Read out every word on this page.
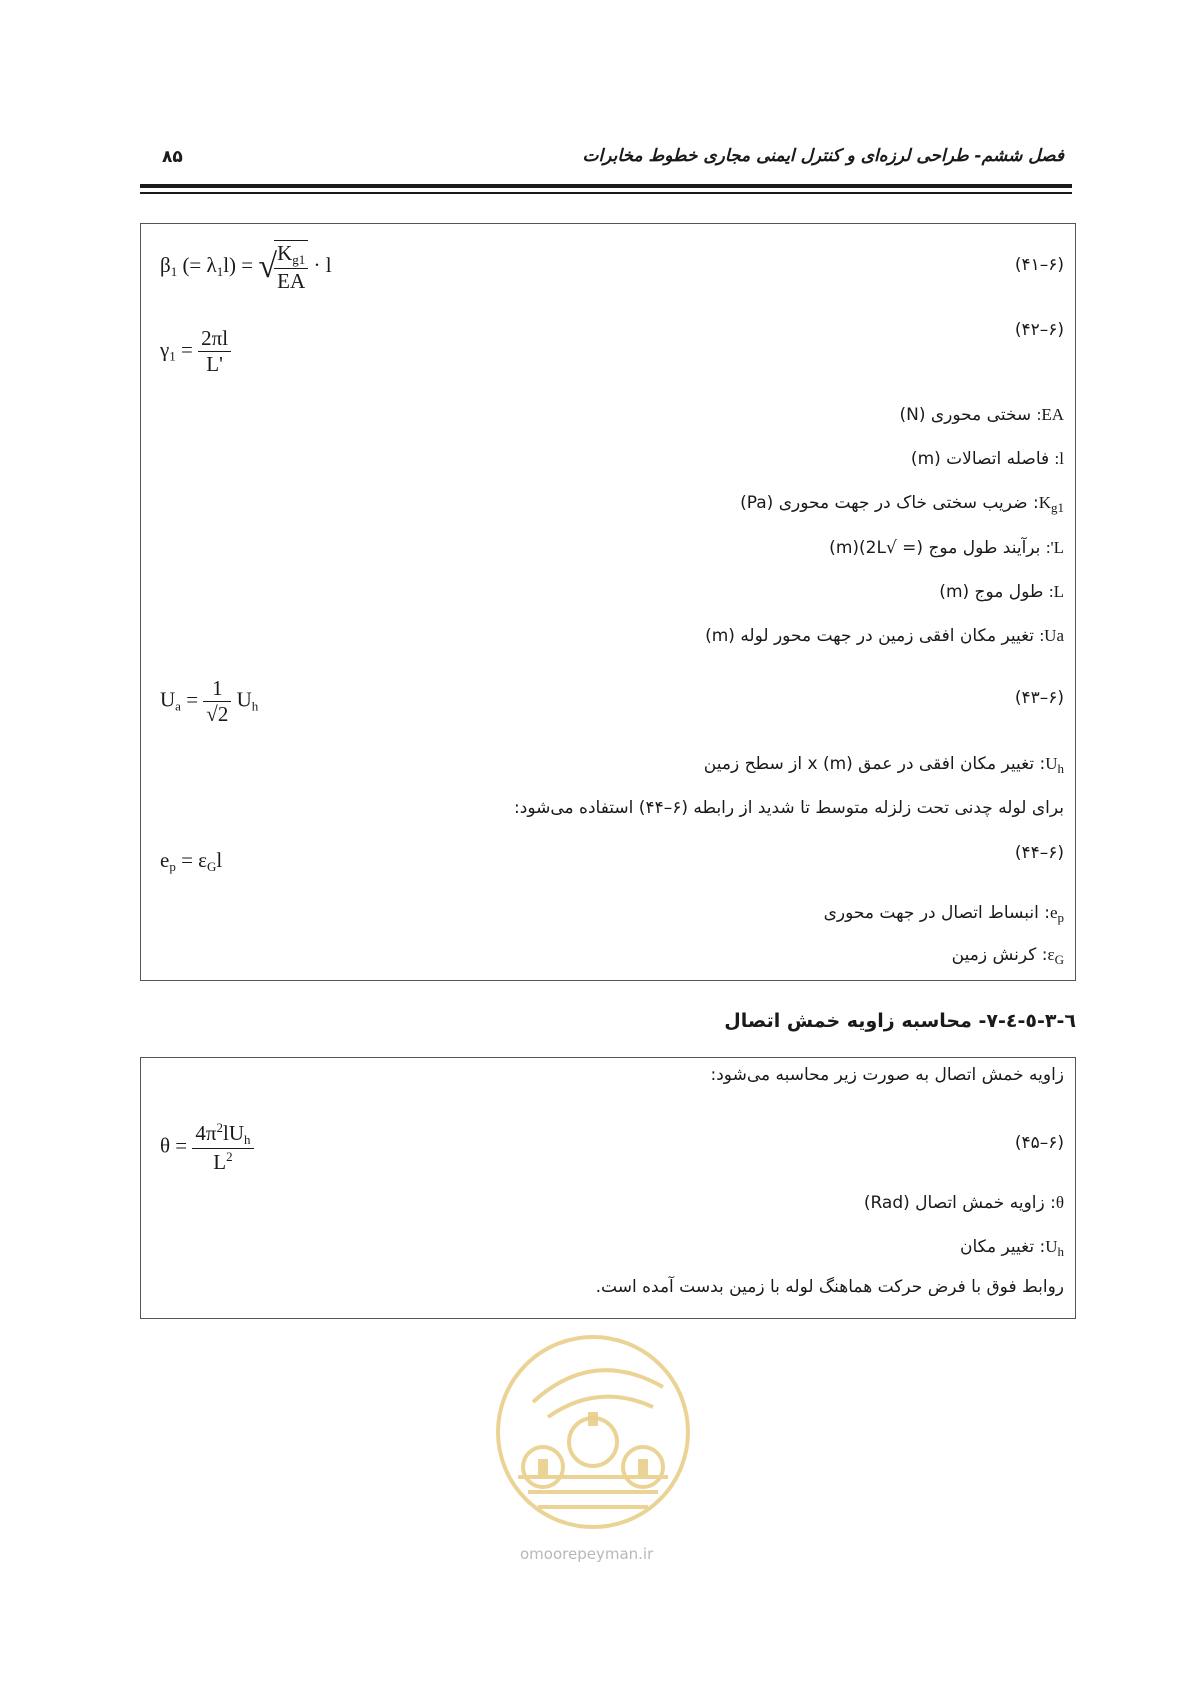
فصل ششم- طراحی لرزه‌ای و کنترل ایمنی مجاری خطوط مخابرات
۸۵
(۴۱–۶)
$\beta_1$ (= $\lambda_1l$) = √
$\frac{K_{g1}}{EA} \cdot l$
(۴۲–۶)
$\gamma_1 = \frac{2\pi l}{L'}$
EA: سختی محوری (N)
l: فاصله اتصالات (m)
$K_{g1}$: ضریب سختی خاک در جهت محوری (Pa)
L': برآیند طول موج (= √2L)(m)
L: طول موج (m)
Ua: تغییر مکان افقی زمین در جهت محور لوله (m)
(۴۳–۶)
$U_a = \frac{1}{√2} U_h$
$U_h$: تغییر مکان افقی در عمق x (m) از سطح زمین
برای لوله چدنی تحت زلزله متوسط تا شدید از رابطه (۶–۴۴) استفاده می‌شود:
(۴۴–۶)
$e_p = \varepsilon_Gl$
$e_p$: انبساط اتصال در جهت محوری
$\varepsilon_G$: کرنش زمین
٦-٣-٥-٤-٧- محاسبه زاویه خمش اتصال
زاویه خمش اتصال به صورت زیر محاسبه می‌شود:
(۴۵–۶)
$\theta = \frac{4\pi^2lU_h}{L^2}$
θ: زاویه خمش اتصال (Rad)
$U_h$: تغییر مکان
روابط فوق با فرض حرکت هماهنگ لوله با زمین بدست آمده است.
omoorepeyman.ir
